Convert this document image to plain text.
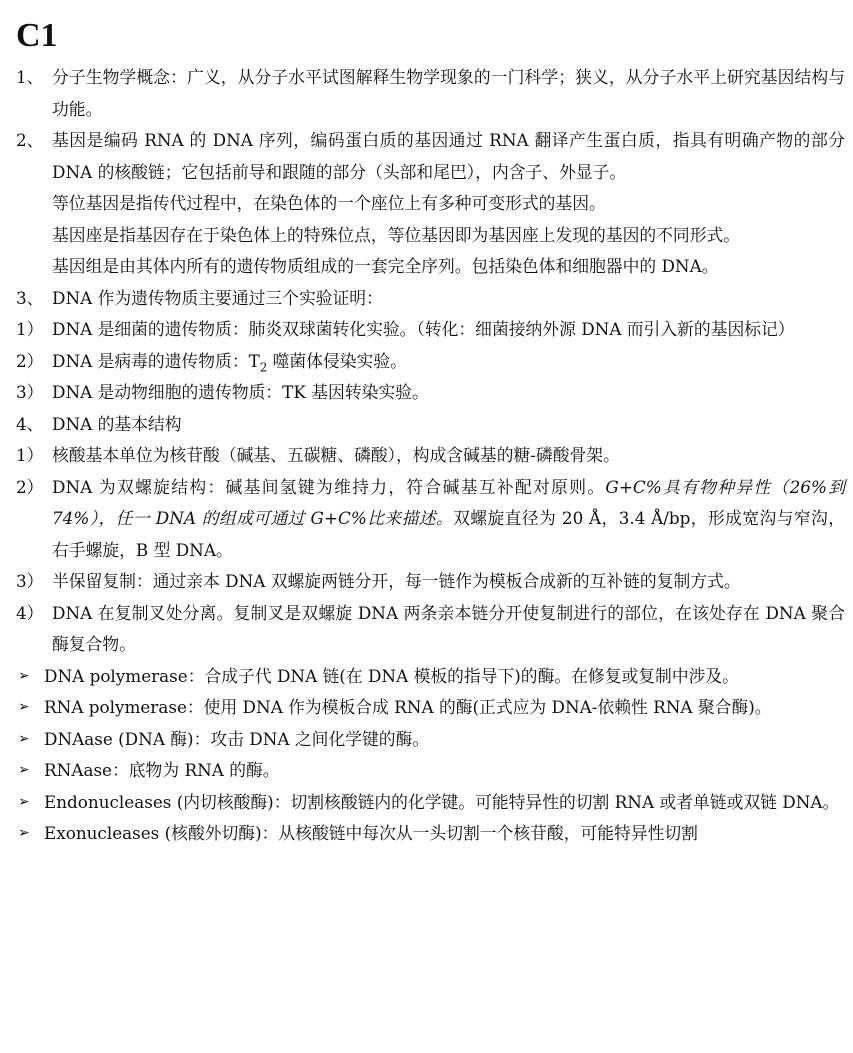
C1
1、 分子生物学概念：广义，从分子水平试图解释生物学现象的一门科学；狭义，从分子水平上研究基因结构与功能。
2、 基因是编码 RNA 的 DNA 序列，编码蛋白质的基因通过 RNA 翻译产生蛋白质，指具有明确产物的部分 DNA 的核酸链；它包括前导和跟随的部分（头部和尾巴），内含子、外显子。
等位基因是指传代过程中，在染色体的一个座位上有多种可变形式的基因。
基因座是指基因存在于染色体上的特殊位点，等位基因即为基因座上发现的基因的不同形式。
基因组是由其体内所有的遗传物质组成的一套完全序列。包括染色体和细胞器中的 DNA。
3、 DNA 作为遗传物质主要通过三个实验证明：
1） DNA 是细菌的遗传物质：肺炎双球菌转化实验。（转化：细菌接纳外源 DNA 而引入新的基因标记）
2） DNA 是病毒的遗传物质：$T_2$ 噬菌体侵染实验。
3） DNA 是动物细胞的遗传物质：TK 基因转染实验。
4、 DNA 的基本结构
1） 核酸基本单位为核苷酸（碱基、五碳糖、磷酸），构成含碱基的糖-磷酸骨架。
2） DNA 为双螺旋结构：碱基间氢键为维持力，符合碱基互补配对原则。G+C%具有物种异性（26%到 74%），任一 DNA 的组成可通过 G+C%比来描述。双螺旋直径为 20 Å，3.4 Å/bp，形成宽沟与窄沟，右手螺旋，B 型 DNA。
3） 半保留复制：通过亲本 DNA 双螺旋两链分开，每一链作为模板合成新的互补链的复制方式。
4） DNA 在复制叉处分离。复制叉是双螺旋 DNA 两条亲本链分开使复制进行的部位，在该处存在 DNA 聚合酶复合物。
➢ DNA polymerase：合成子代 DNA 链(在 DNA 模板的指导下)的酶。在修复或复制中涉及。
➢ RNA polymerase：使用 DNA 作为模板合成 RNA 的酶(正式应为 DNA-依赖性 RNA 聚合酶)。
➢ DNAase (DNA 酶)：攻击 DNA 之间化学键的酶。
➢ RNAase：底物为 RNA 的酶。
➢ Endonucleases (内切核酸酶)：切割核酸链内的化学键。可能特异性的切割 RNA 或者单链或双链 DNA。
➢ Exonucleases (核酸外切酶)：从核酸链中每次从一头切割一个核苷酸，可能特异性切割
